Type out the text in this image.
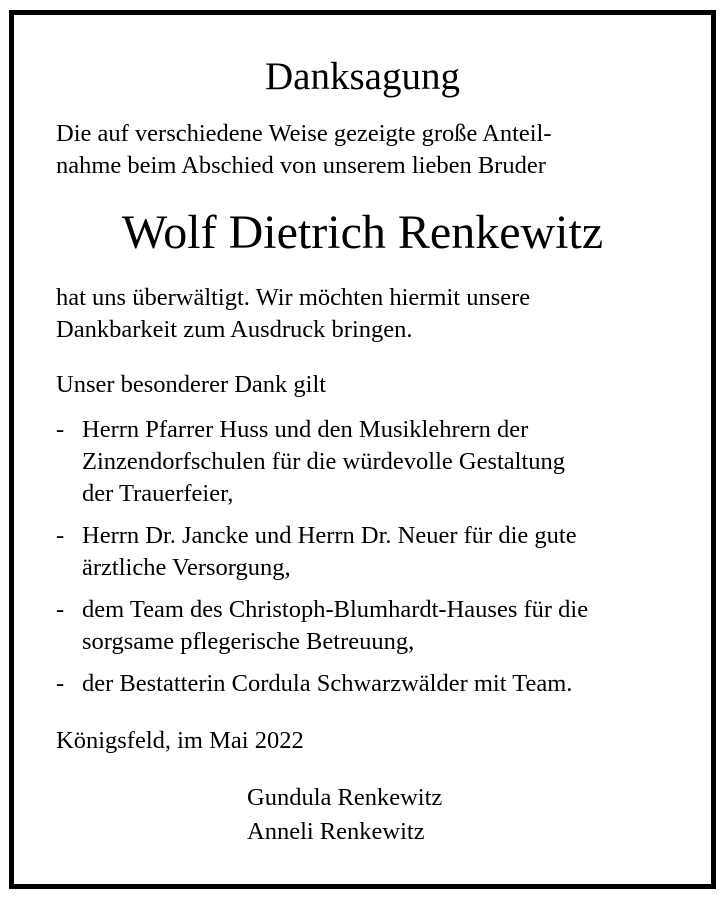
Danksagung
Die auf verschiedene Weise gezeigte große Anteil-
nahme beim Abschied von unserem lieben Bruder
Wolf Dietrich Renkewitz
hat uns überwältigt. Wir möchten hiermit unsere
Dankbarkeit zum Ausdruck bringen.
Unser besonderer Dank gilt
- Herrn Pfarrer Huss und den Musiklehrern der
Zinzendorfschulen für die würdevolle Gestaltung
der Trauerfeier,
- Herrn Dr. Jancke und Herrn Dr. Neuer für die gute
ärztliche Versorgung,
- dem Team des Christoph-Blumhardt-Hauses für die
sorgsame pflegerische Betreuung,
- der Bestatterin Cordula Schwarzwälder mit Team.
Königsfeld, im Mai 2022
Gundula Renkewitz
Anneli Renkewitz
